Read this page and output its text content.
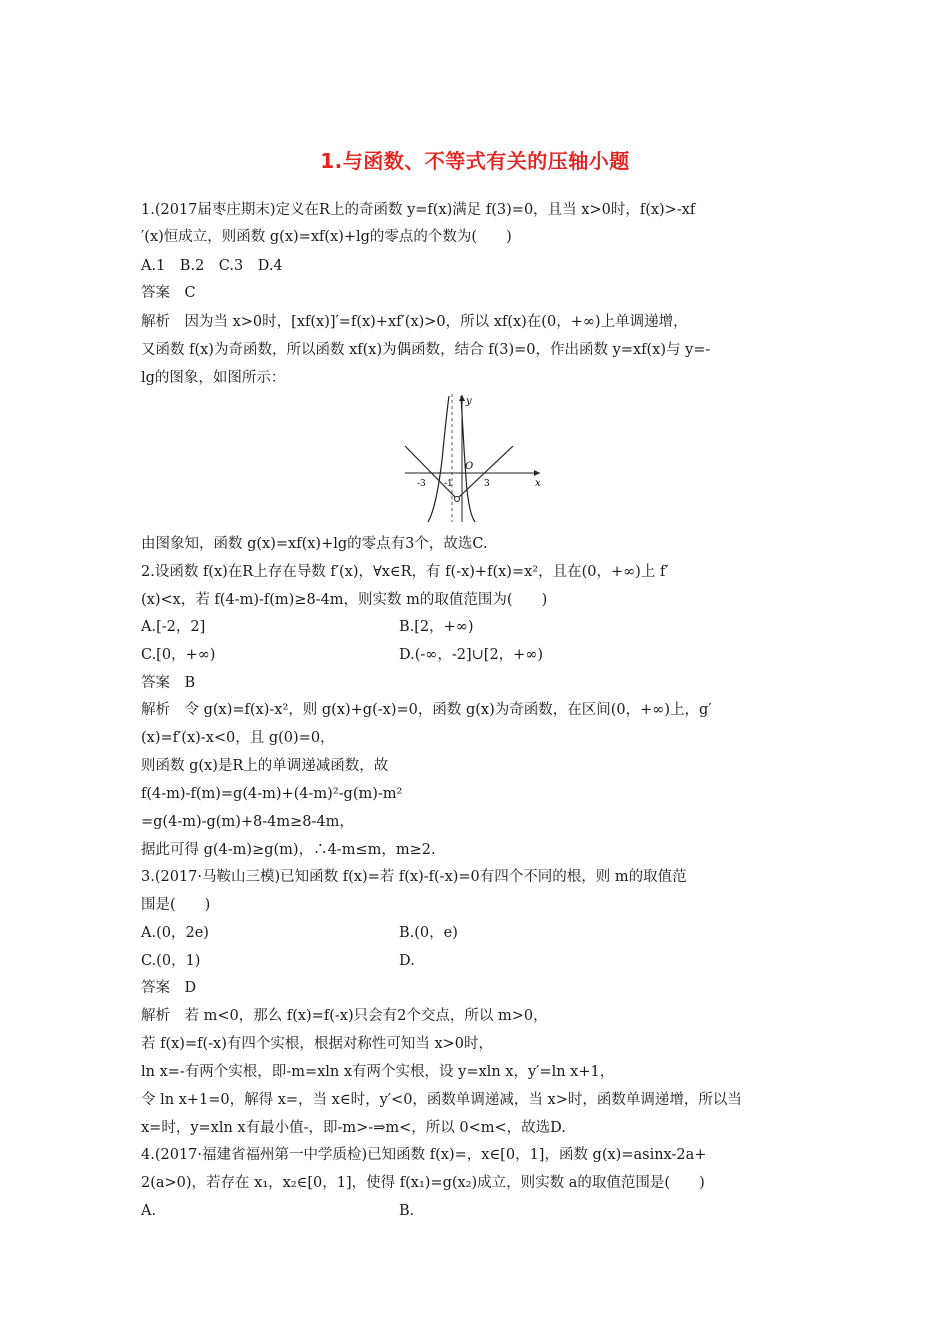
1.与函数、不等式有关的压轴小题
1.(2017届枣庄期末)定义在R上的奇函数 y=f(x)满足 f(3)=0，且当 x>0时，f(x)>-xf
′(x)恒成立，则函数 g(x)=xf(x)+lg的零点的个数为(　　)
A.1　B.2　C.3　D.4
答案　C
解析　因为当 x>0时，[xf(x)]′=f(x)+xf′(x)>0，所以 xf(x)在(0，+∞)上单调递增，
又函数 f(x)为奇函数，所以函数 xf(x)为偶函数，结合 f(3)=0，作出函数 y=xf(x)与 y=-
lg的图象，如图所示：
y
x
O
-3 -1	3
由图象知，函数 g(x)=xf(x)+lg的零点有3个，故选C.
2.设函数 f(x)在R上存在导数 f′(x)，∀x∈R，有 f(-x)+f(x)=x²，且在(0，+∞)上 f′
(x)<x，若 f(4-m)-f(m)≥8-4m，则实数 m的取值范围为(　　)
A.[-2，2]	B.[2，+∞)
C.[0，+∞)	D.(-∞，-2]∪[2，+∞)
答案　B
解析　令 g(x)=f(x)-x²，则 g(x)+g(-x)=0，函数 g(x)为奇函数，在区间(0，+∞)上，g′
(x)=f′(x)-x<0，且 g(0)=0，
则函数 g(x)是R上的单调递减函数，故
f(4-m)-f(m)=g(4-m)+(4-m)²-g(m)-m²
=g(4-m)-g(m)+8-4m≥8-4m，
据此可得 g(4-m)≥g(m)，∴4-m≤m，m≥2.
3.(2017·马鞍山三模)已知函数 f(x)=若 f(x)-f(-x)=0有四个不同的根，则 m的取值范
围是(　　)
A.(0，2e)	B.(0，e)
C.(0，1)	D.
答案　D
解析　若 m<0，那么 f(x)=f(-x)只会有2个交点，所以 m>0，
若 f(x)=f(-x)有四个实根，根据对称性可知当 x>0时，
ln x=-有两个实根，即-m=xln x有两个实根，设 y=xln x，y′=ln x+1，
令 ln x+1=0，解得 x=，当 x∈时，y′<0，函数单调递减，当 x>时，函数单调递增，所以当
x=时，y=xln x有最小值-，即-m>-⇒m<，所以 0<m<，故选D.
4.(2017·福建省福州第一中学质检)已知函数 f(x)=，x∈[0，1]，函数 g(x)=asinx-2a+
2(a>0)，若存在 x₁，x₂∈[0，1]，使得 f(x₁)=g(x₂)成立，则实数 a的取值范围是(　　)
A.	B.
